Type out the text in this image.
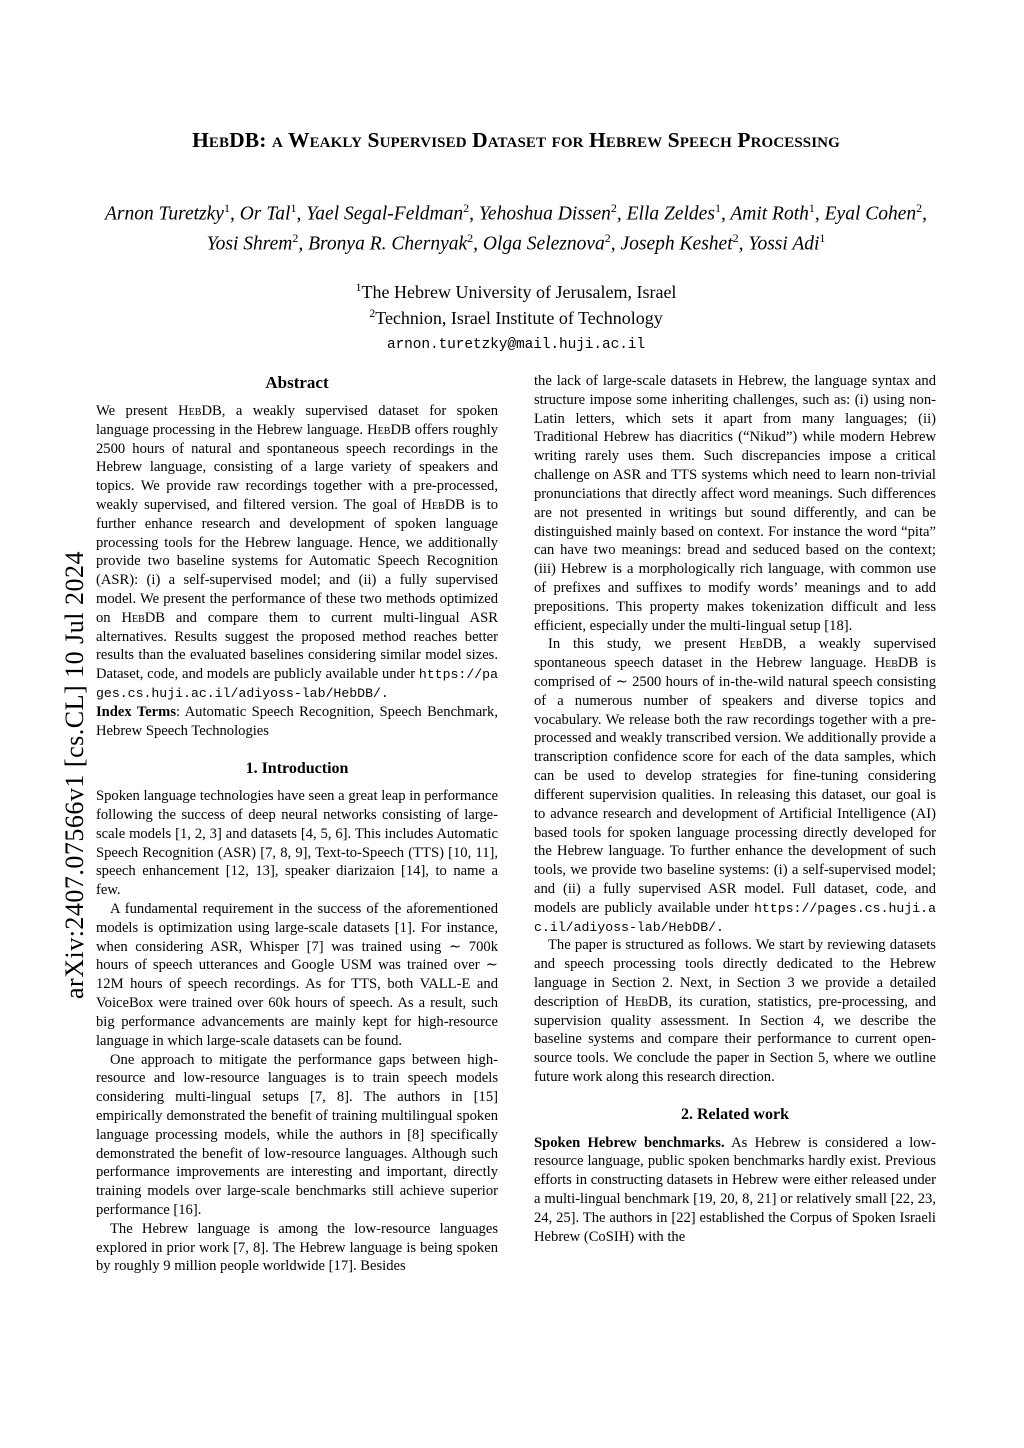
arXiv:2407.07566v1 [cs.CL] 10 Jul 2024
HebDB: a Weakly Supervised Dataset for Hebrew Speech Processing
Arnon Turetzky$^1$, Or Tal$^1$, Yael Segal-Feldman$^2$, Yehoshua Dissen$^2$, Ella Zeldes$^1$, Amit Roth$^1$, Eyal Cohen$^2$, Yosi Shrem$^2$, Bronya R. Chernyak$^2$, Olga Seleznova$^2$, Joseph Keshet$^2$, Yossi Adi$^1$
$^1$The Hebrew University of Jerusalem, Israel
$^2$Technion, Israel Institute of Technology
arnon.turetzky@mail.huji.ac.il
Abstract

We present HebDB, a weakly supervised dataset for spoken language processing in the Hebrew language. HebDB offers roughly 2500 hours of natural and spontaneous speech recordings in the Hebrew language, consisting of a large variety of speakers and topics. We provide raw recordings together with a pre-processed, weakly supervised, and filtered version. The goal of HebDB is to further enhance research and development of spoken language processing tools for the Hebrew language. Hence, we additionally provide two baseline systems for Automatic Speech Recognition (ASR): (i) a self-supervised model; and (ii) a fully supervised model. We present the performance of these two methods optimized on HebDB and compare them to current multi-lingual ASR alternatives. Results suggest the proposed method reaches better results than the evaluated baselines considering similar model sizes. Dataset, code, and models are publicly available under https://pages.cs.huji.ac.il/adiyoss-lab/HebDB/.

Index Terms: Automatic Speech Recognition, Speech Benchmark, Hebrew Speech Technologies

1. Introduction

Spoken language technologies have seen a great leap in performance following the success of deep neural networks consisting of large-scale models [1, 2, 3] and datasets [4, 5, 6]. This includes Automatic Speech Recognition (ASR) [7, 8, 9], Text-to-Speech (TTS) [10, 11], speech enhancement [12, 13], speaker diarizaion [14], to name a few.

A fundamental requirement in the success of the aforementioned models is optimization using large-scale datasets [1]. For instance, when considering ASR, Whisper [7] was trained using ∼ 700k hours of speech utterances and Google USM was trained over ∼ 12M hours of speech recordings. As for TTS, both VALL-E and VoiceBox were trained over 60k hours of speech. As a result, such big performance advancements are mainly kept for high-resource language in which large-scale datasets can be found.

One approach to mitigate the performance gaps between high-resource and low-resource languages is to train speech models considering multi-lingual setups [7, 8]. The authors in [15] empirically demonstrated the benefit of training multilingual spoken language processing models, while the authors in [8] specifically demonstrated the benefit of low-resource languages. Although such performance improvements are interesting and important, directly training models over large-scale benchmarks still achieve superior performance [16].

The Hebrew language is among the low-resource languages explored in prior work [7, 8]. The Hebrew language is being spoken by roughly 9 million people worldwide [17]. Besides

the lack of large-scale datasets in Hebrew, the language syntax and structure impose some inheriting challenges, such as: (i) using non-Latin letters, which sets it apart from many languages; (ii) Traditional Hebrew has diacritics (“Nikud”) while modern Hebrew writing rarely uses them. Such discrepancies impose a critical challenge on ASR and TTS systems which need to learn non-trivial pronunciations that directly affect word meanings. Such differences are not presented in writings but sound differently, and can be distinguished mainly based on context. For instance the word “pita” can have two meanings: bread and seduced based on the context; (iii) Hebrew is a morphologically rich language, with common use of prefixes and suffixes to modify words’ meanings and to add prepositions. This property makes tokenization difficult and less efficient, especially under the multi-lingual setup [18].

In this study, we present HebDB, a weakly supervised spontaneous speech dataset in the Hebrew language. HebDB is comprised of ∼ 2500 hours of in-the-wild natural speech consisting of a numerous number of speakers and diverse topics and vocabulary. We release both the raw recordings together with a pre-processed and weakly transcribed version. We additionally provide a transcription confidence score for each of the data samples, which can be used to develop strategies for fine-tuning considering different supervision qualities. In releasing this dataset, our goal is to advance research and development of Artificial Intelligence (AI) based tools for spoken language processing directly developed for the Hebrew language. To further enhance the development of such tools, we provide two baseline systems: (i) a self-supervised model; and (ii) a fully supervised ASR model. Full dataset, code, and models are publicly available under https://pages.cs.huji.ac.il/adiyoss-lab/HebDB/.

The paper is structured as follows. We start by reviewing datasets and speech processing tools directly dedicated to the Hebrew language in Section 2. Next, in Section 3 we provide a detailed description of HebDB, its curation, statistics, pre-processing, and supervision quality assessment. In Section 4, we describe the baseline systems and compare their performance to current open-source tools. We conclude the paper in Section 5, where we outline future work along this research direction.

2. Related work

Spoken Hebrew benchmarks. As Hebrew is considered a low-resource language, public spoken benchmarks hardly exist. Previous efforts in constructing datasets in Hebrew were either released under a multi-lingual benchmark [19, 20, 8, 21] or relatively small [22, 23, 24, 25]. The authors in [22] established the Corpus of Spoken Israeli Hebrew (CoSIH) with the
